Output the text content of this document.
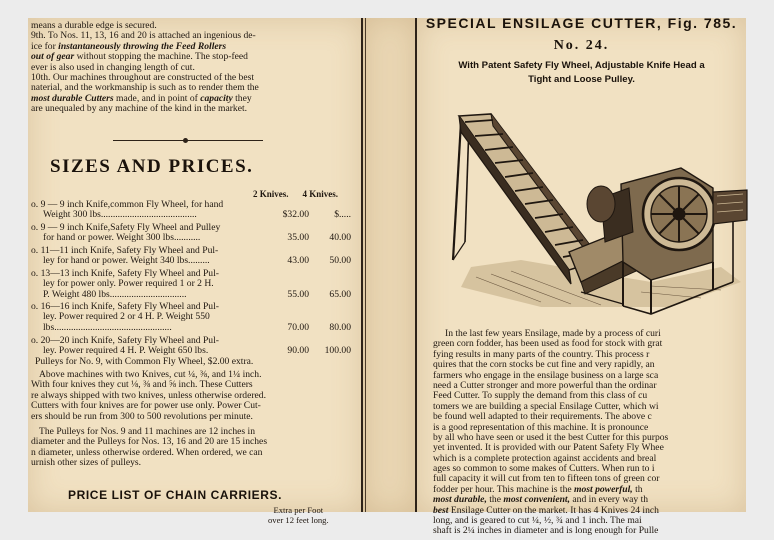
means a durable edge is secured.
9th. To Nos. 11, 13, 16 and 20 is attached an ingenious de-
ice for instantaneously throwing the Feed Rollers
out of gear without stopping the machine. The stop-feed
ever is also used in changing length of cut.
10th. Our machines throughout are constructed of the best
naterial, and the workmanship is such as to render them the
most durable Cutters made, and in point of capacity they
are unequaled by any machine of the kind in the market.
SIZES AND PRICES.
2 Knives. 4 Knives.
o. 9 — 9 inch Knife,common Fly Wheel, for hand
Weight 300 lbs........................................	$32.00	$.....
o. 9 — 9 inch Knife,Safety Fly Wheel and Pulley
for hand or power. Weight 300 lbs...........	35.00 40.00
o. 11—11 inch Knife, Safety Fly Wheel and Pul-
ley for hand or power. Weight 340 lbs.........	43.00 50.00
o. 13—13 inch Knife, Safety Fly Wheel and Pul-
ley for power only. Power required 1 or 2 H.
P. Weight 480 lbs................................	55.00 65.00
o. 16—16 inch Knife, Safety Fly Wheel and Pul-
ley. Power required 2 or 4 H. P. Weight 550
lbs.................................................	70.00 80.00
o. 20—20 inch Knife, Safety Fly Wheel and Pul-
ley. Power required 4 H. P. Weight 650 lbs.	90.00 100.00
Pulleys for No. 9, with Common Fly Wheel, $2.00 extra.
Above machines with two Knives, cut ¼, ⅜, and 1¼ inch.
With four knives they cut ⅛, ⅜ and ⅝ inch. These Cutters
re always shipped with two knives, unless otherwise ordered.
Cutters with four knives are for power use only. Power Cut-
ers should be run from 300 to 500 revolutions per minute.
The Pulleys for Nos. 9 and 11 machines are 12 inches in
diameter and the Pulleys for Nos. 13, 16 and 20 are 15 inches
n diameter, unless otherwise ordered. When ordered, we can
urnish other sizes of pulleys.
PRICE LIST OF CHAIN CARRIERS.
Extra per Foot
over 12 feet long.
SPECIAL ENSILAGE CUTTER, Fig. 785.
No. 24.
With Patent Safety Fly Wheel, Adjustable Knife Head a
Tight and Loose Pulley.
In the last few years Ensilage, made by a process of curi
green corn fodder, has been used as food for stock with grat
fying results in many parts of the country. This process r
quires that the corn stocks be cut fine and very rapidly, an
farmers who engage in the ensilage business on a large sca
need a Cutter stronger and more powerful than the ordinar
Feed Cutter. To supply the demand from this class of cu
tomers we are building a special Ensilage Cutter, which wi
be found well adapted to their requirements. The above c
is a good representation of this machine. It is pronounce
by all who have seen or used it the best Cutter for this purpos
yet invented. It is provided with our Patent Safety Fly Whee
which is a complete protection against accidents and breal
ages so common to some makes of Cutters. When run to i
full capacity it will cut from ten to fifteen tons of green cor
fodder per hour. This machine is the most powerful, th
most durable, the most convenient, and in every way th
best Ensilage Cutter on the market. It has 4 Knives 24 inch
long, and is geared to cut ¼, ½, ¾ and 1 inch. The mai
shaft is 2¼ inches in diameter and is long enough for Pulle
